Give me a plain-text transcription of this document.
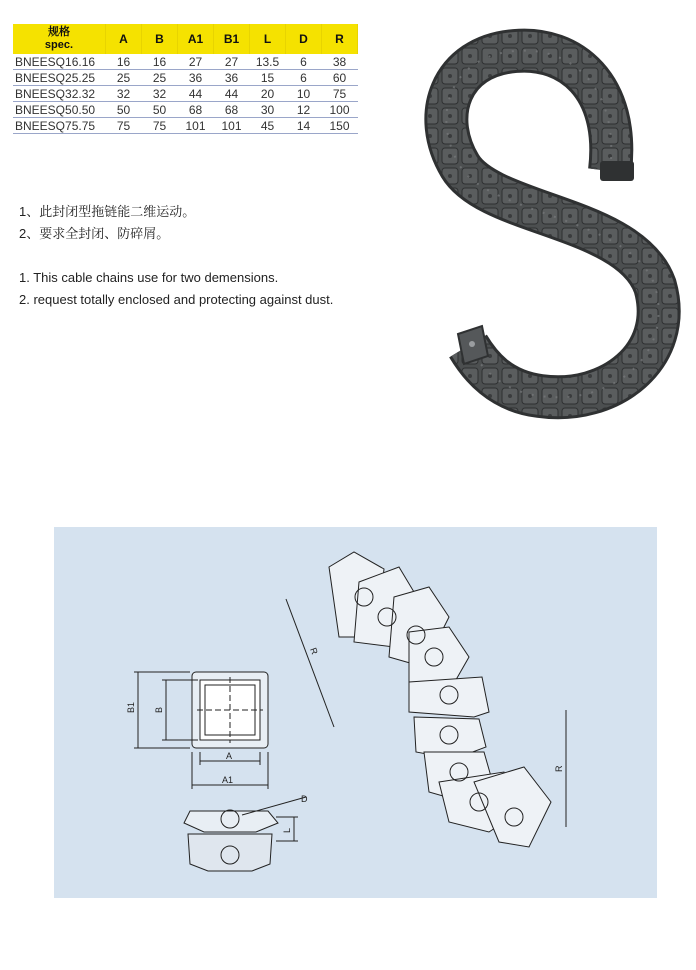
规格
spec.	A	B	A1	B1	L	D	R
BNEESQ16.16	16	16	27	27	13.5	6	38
BNEESQ25.25	25	25	36	36	15	6	60
BNEESQ32.32	32	32	44	44	20	10	75
BNEESQ50.50	50	50	68	68	30	12	100
BNEESQ75.75	75	75	101	101	45	14	150
1、此封闭型拖链能二维运动。
2、要求全封闭、防碎屑。
1. This cable chains use for two demensions.
2. request totally enclosed and protecting against dust.
A
A1
B1 B
D
L
R
R
